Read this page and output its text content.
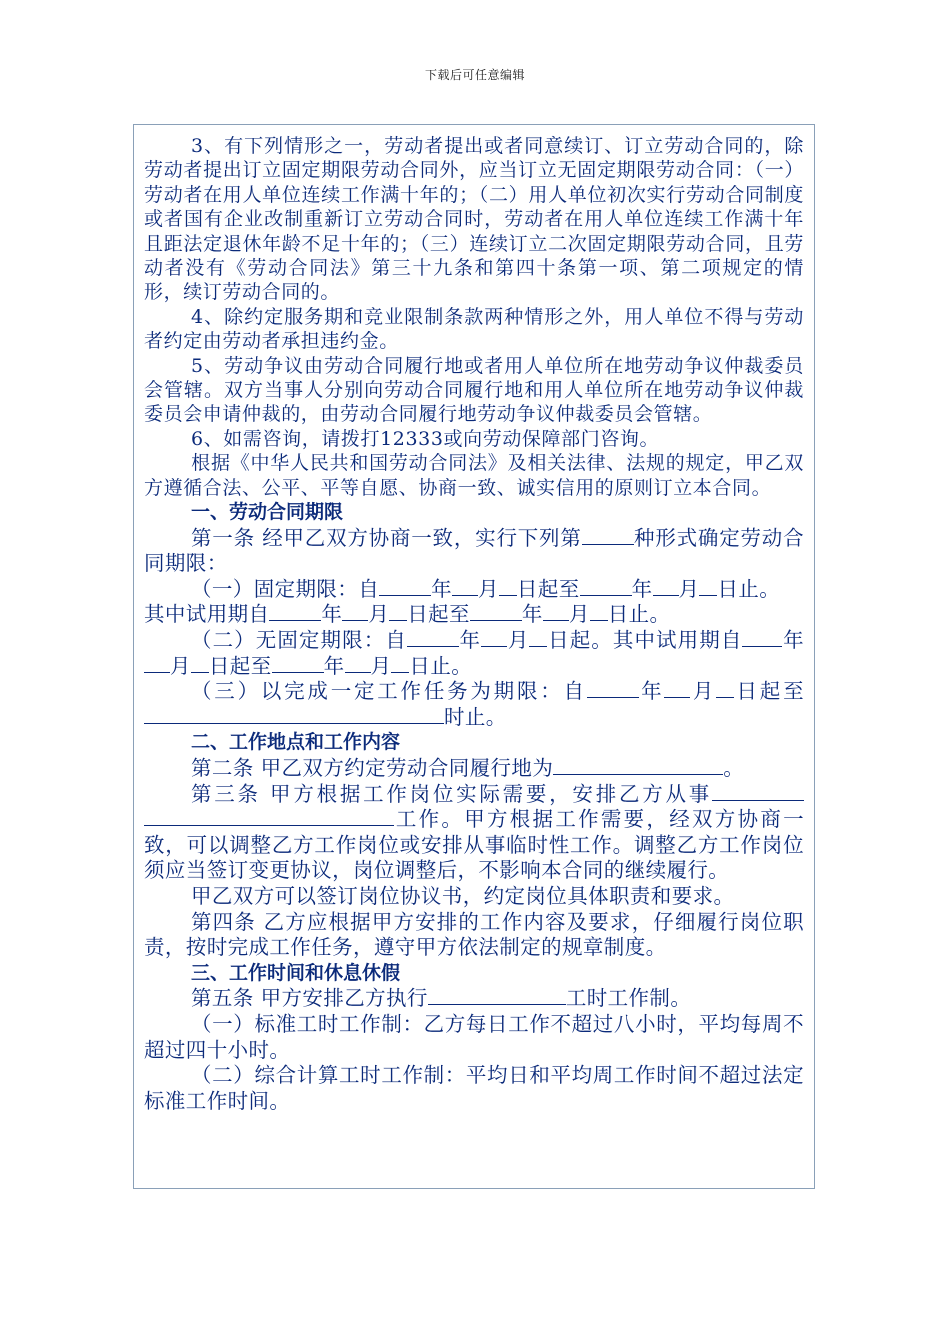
下载后可任意编辑

3、有下列情形之一，劳动者提出或者同意续订、订立劳动合同的，除劳动者提出订立固定期限劳动合同外，应当订立无固定期限劳动合同：（一）劳动者在用人单位连续工作满十年的；（二）用人单位初次实行劳动合同制度或者国有企业改制重新订立劳动合同时，劳动者在用人单位连续工作满十年且距法定退休年龄不足十年的；（三）连续订立二次固定期限劳动合同，且劳动者没有《劳动合同法》第三十九条和第四十条第一项、第二项规定的情形，续订劳动合同的。

4、除约定服务期和竞业限制条款两种情形之外，用人单位不得与劳动者约定由劳动者承担违约金。

5、劳动争议由劳动合同履行地或者用人单位所在地劳动争议仲裁委员会管辖。双方当事人分别向劳动合同履行地和用人单位所在地劳动争议仲裁委员会申请仲裁的，由劳动合同履行地劳动争议仲裁委员会管辖。

6、如需咨询，请拨打12333或向劳动保障部门咨询。

根据《中华人民共和国劳动合同法》及相关法律、法规的规定，甲乙双方遵循合法、公平、平等自愿、协商一致、诚实信用的原则订立本合同。

一、劳动合同期限

第一条 经甲乙双方协商一致，实行下列第	种形式确定劳动合同期限：

（一）固定期限：自	年 月 日起至	年 月 日止。

其中试用期自	年 月 日起至	年 月 日止。

（二）无固定期限：自	年 月 日起。其中试用期自 年月 日起至	年 月 日止。

（三）以完成一定工作任务为期限：自	年 月 日起至时止。

二、工作地点和工作内容

第二条 甲乙双方约定劳动合同履行地为	。

第三条 甲方根据工作岗位实际需要，安排乙方从事 工作。甲方根据工作需要，经双方协商一致，可以调整乙方工作岗位或安排从事临时性工作。调整乙方工作岗位须应当签订变更协议，岗位调整后，不影响本合同的继续履行。

甲乙双方可以签订岗位协议书，约定岗位具体职责和要求。

第四条 乙方应根据甲方安排的工作内容及要求，仔细履行岗位职责，按时完成工作任务，遵守甲方依法制定的规章制度。

三、工作时间和休息休假

第五条 甲方安排乙方执行	工时工作制。

（一）标准工时工作制：乙方每日工作不超过八小时，平均每周不超过四十小时。

（二）综合计算工时工作制：平均日和平均周工作时间不超过法定标准工作时间。
